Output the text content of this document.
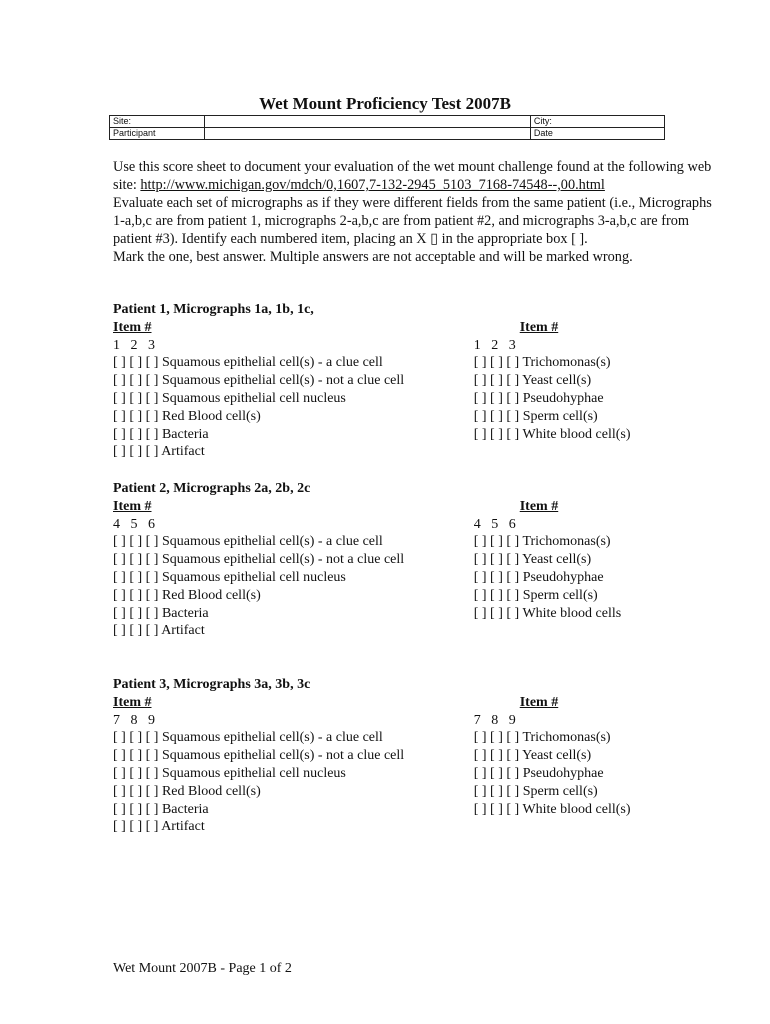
Wet Mount Proficiency Test 2007B
Site:		City:
Participant		Date

Use this score sheet to document your evaluation of the wet mount challenge found at the following web site: http://www.michigan.gov/mdch/0,1607,7-132-2945_5103_7168-74548--,00.html

Evaluate each set of micrographs as if they were different fields from the same patient (i.e., Micrographs 1-a,b,c are from patient 1, micrographs 2-a,b,c are from patient #2, and micrographs 3-a,b,c are from patient #3). Identify each numbered item, placing an X ▯ in the appropriate box [ ].

Mark the one, best answer. Multiple answers are not acceptable and will be marked wrong.

Patient 1, Micrographs 1a, 1b, 1c,
Item #
1   2   3
[ ] [ ] [ ] Squamous epithelial cell(s) - a clue cell
[ ] [ ] [ ] Squamous epithelial cell(s) - not a clue cell
[ ] [ ] [ ] Squamous epithelial cell nucleus
[ ] [ ] [ ] Red Blood cell(s)
[ ] [ ] [ ] Bacteria
[ ] [ ] [ ] Artifact
Item #
1   2   3
[ ] [ ] [ ] Trichomonas(s)
[ ] [ ] [ ] Yeast cell(s)
[ ] [ ] [ ] Pseudohyphae
[ ] [ ] [ ] Sperm cell(s)
[ ] [ ] [ ] White blood cell(s)
Patient 2, Micrographs 2a, 2b, 2c
Item #
4   5   6
[ ] [ ] [ ] Squamous epithelial cell(s) - a clue cell
[ ] [ ] [ ] Squamous epithelial cell(s) - not a clue cell
[ ] [ ] [ ] Squamous epithelial cell nucleus
[ ] [ ] [ ] Red Blood cell(s)
[ ] [ ] [ ] Bacteria
[ ] [ ] [ ] Artifact
Item #
4   5   6
[ ] [ ] [ ] Trichomonas(s)
[ ] [ ] [ ] Yeast cell(s)
[ ] [ ] [ ] Pseudohyphae
[ ] [ ] [ ] Sperm cell(s)
[ ] [ ] [ ] White blood cells
Patient 3, Micrographs 3a, 3b, 3c
Item #
7   8   9
[ ] [ ] [ ] Squamous epithelial cell(s) - a clue cell
[ ] [ ] [ ] Squamous epithelial cell(s) - not a clue cell
[ ] [ ] [ ] Squamous epithelial cell nucleus
[ ] [ ] [ ] Red Blood cell(s)
[ ] [ ] [ ] Bacteria
[ ] [ ] [ ] Artifact
Item #
7   8   9
[ ] [ ] [ ] Trichomonas(s)
[ ] [ ] [ ] Yeast cell(s)
[ ] [ ] [ ] Pseudohyphae
[ ] [ ] [ ] Sperm cell(s)
[ ] [ ] [ ] White blood cell(s)
Wet Mount 2007B - Page 1 of 2
